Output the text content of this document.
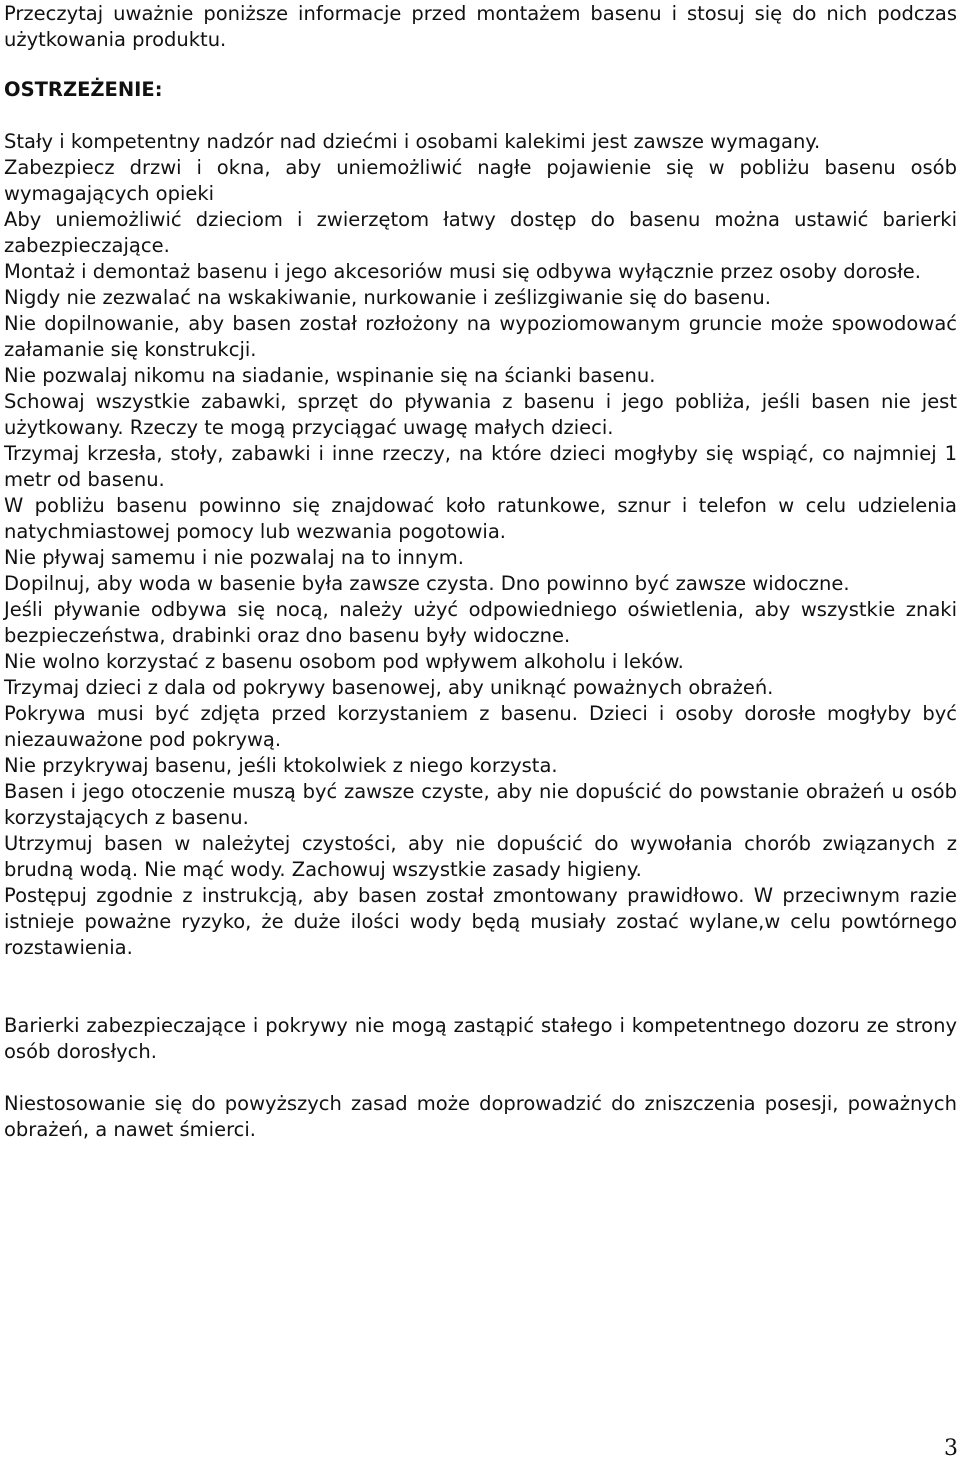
Przeczytaj uważnie poniższe informacje przed montażem basenu i stosuj się do nich podczas użytkowania produktu.

OSTRZEŻENIE:

Stały i kompetentny nadzór nad dziećmi i osobami kalekimi jest zawsze wymagany.
Zabezpiecz drzwi i okna, aby uniemożliwić nagłe pojawienie się w pobliżu basenu osób wymagających opieki
Aby uniemożliwić dzieciom i zwierzętom łatwy dostęp do basenu można ustawić barierki zabezpieczające.
Montaż i demontaż basenu i jego akcesoriów musi się odbywa wyłącznie przez osoby dorosłe.
Nigdy nie zezwalać na wskakiwanie, nurkowanie i ześlizgiwanie się do basenu.
Nie dopilnowanie, aby basen został rozłożony na wypoziomowanym gruncie może spowodować załamanie się konstrukcji.
Nie pozwalaj nikomu na siadanie, wspinanie się na ścianki basenu.
Schowaj wszystkie zabawki, sprzęt do pływania z basenu i jego pobliża, jeśli basen nie jest użytkowany. Rzeczy te mogą przyciągać uwagę małych dzieci.
Trzymaj krzesła, stoły, zabawki i inne rzeczy, na które dzieci mogłyby się wspiąć, co najmniej 1 metr od basenu.
W pobliżu basenu powinno się znajdować koło ratunkowe, sznur i telefon w celu udzielenia natychmiastowej pomocy lub wezwania pogotowia.
Nie pływaj samemu i nie pozwalaj na to innym.
Dopilnuj, aby woda w basenie była zawsze czysta. Dno powinno być zawsze widoczne.
Jeśli pływanie odbywa się nocą, należy użyć odpowiedniego oświetlenia, aby wszystkie znaki bezpieczeństwa, drabinki oraz dno basenu były widoczne.
Nie wolno korzystać z basenu osobom pod wpływem alkoholu i leków.
Trzymaj dzieci z dala od pokrywy basenowej, aby uniknąć poważnych obrażeń.
Pokrywa musi być zdjęta przed korzystaniem z basenu. Dzieci i osoby dorosłe mogłyby być niezauważone pod pokrywą.
Nie przykrywaj basenu, jeśli ktokolwiek z niego korzysta.
Basen i jego otoczenie muszą być zawsze czyste, aby nie dopuścić do powstanie obrażeń u osób korzystających z basenu.
Utrzymuj basen w należytej czystości, aby nie dopuścić do wywołania chorób związanych z brudną wodą. Nie mąć wody. Zachowuj wszystkie zasady higieny.
Postępuj zgodnie z instrukcją, aby basen został zmontowany prawidłowo. W przeciwnym razie istnieje poważne ryzyko, że duże ilości wody będą musiały zostać wylane,w celu powtórnego rozstawienia.

Barierki zabezpieczające i pokrywy nie mogą zastąpić stałego i kompetentnego dozoru ze strony osób dorosłych.

Niestosowanie się do powyższych zasad może doprowadzić do zniszczenia posesji, poważnych obrażeń, a nawet śmierci.

3
